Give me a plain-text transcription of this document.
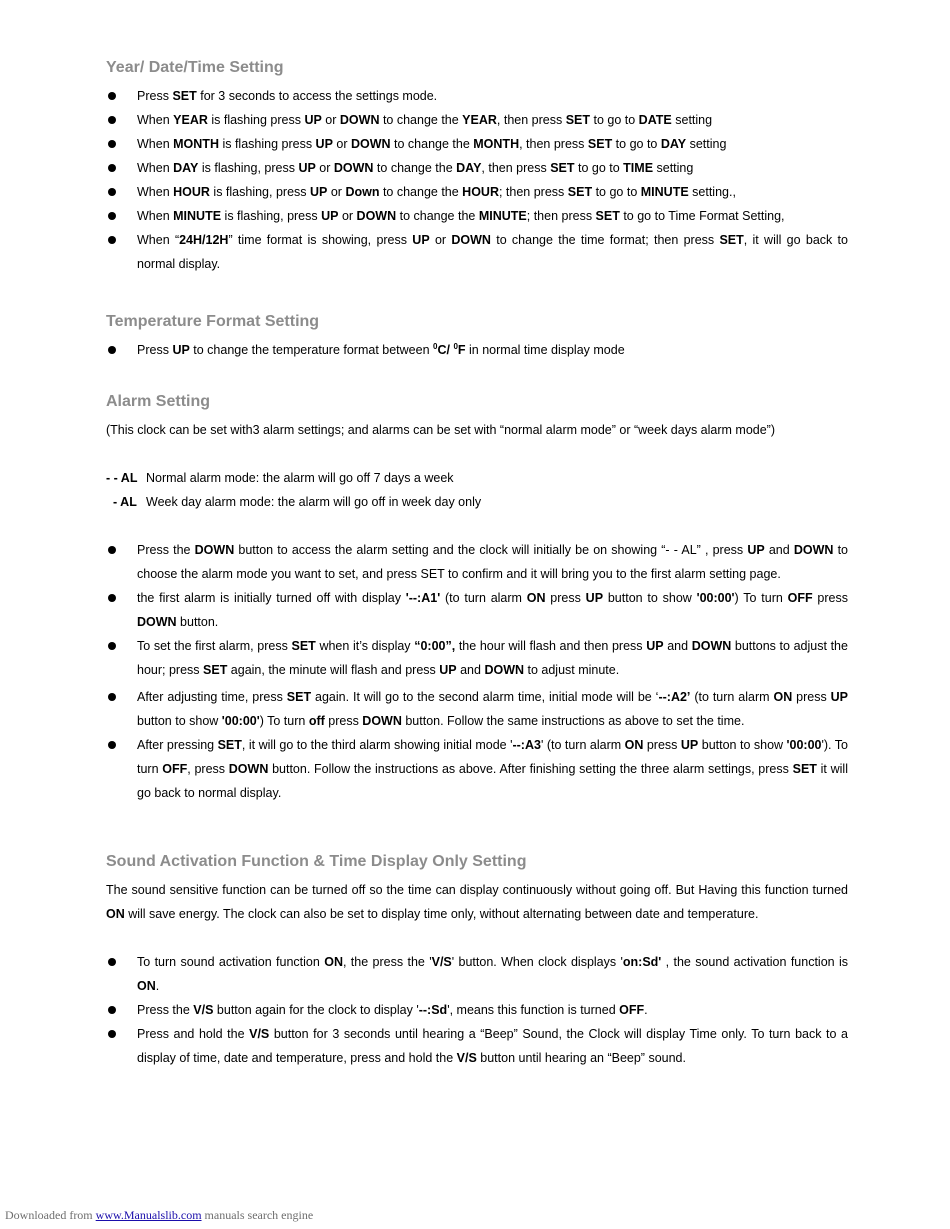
Year/ Date/Time Setting
Press SET for 3 seconds to access the settings mode.
When YEAR is flashing press UP or DOWN to change the YEAR, then press SET to go to DATE setting
When MONTH is flashing press UP or DOWN to change the MONTH, then press SET to go to DAY setting
When DAY is flashing, press UP or DOWN to change the DAY, then press SET to go to TIME setting
When HOUR is flashing, press UP or Down to change the HOUR; then press SET to go to MINUTE setting.,
When MINUTE is flashing, press UP or DOWN to change the MINUTE; then press SET to go to Time Format Setting,
When “24H/12H” time format is showing, press UP or DOWN to change the time format; then press SET, it will go back to normal display.
Temperature Format Setting
Press UP to change the temperature format between $^0$C/ $^0$F in normal time display mode
Alarm Setting

(This clock can be set with3 alarm settings; and alarms can be set with “normal alarm mode” or “week days alarm mode”)

- - AL Normal alarm mode: the alarm will go off 7 days a week

- AL Week day alarm mode: the alarm will go off in week day only

Press the DOWN button to access the alarm setting and the clock will initially be on showing “- - AL” , press UP and DOWN to choose the alarm mode you want to set, and press SET to confirm and it will bring you to the first alarm setting page.
the first alarm is initially turned off with display '--:A1' (to turn alarm ON press UP button to show '00:00') To turn OFF press DOWN button.
To set the first alarm, press SET when it’s display “0:00”, the hour will flash and then press UP and DOWN buttons to adjust the hour; press SET again, the minute will flash and press UP and DOWN to adjust minute.
After adjusting time, press SET again. It will go to the second alarm time, initial mode will be ‘--:A2’ (to turn alarm ON press UP button to show '00:00') To turn off press DOWN button. Follow the same instructions as above to set the time.
After pressing SET, it will go to the third alarm showing initial mode '--:A3' (to turn alarm ON press UP button to show '00:00'). To turn OFF, press DOWN button. Follow the instructions as above. After finishing setting the three alarm settings, press SET it will go back to normal display.
Sound Activation Function & Time Display Only Setting

The sound sensitive function can be turned off so the time can display continuously without going off. But Having this function turned ON will save energy. The clock can also be set to display time only, without alternating between date and temperature.

To turn sound activation function ON, the press the 'V/S' button. When clock displays 'on:Sd' , the sound activation function is ON.
Press the V/S button again for the clock to display '--:Sd', means this function is turned OFF.
Press and hold the V/S button for 3 seconds until hearing a “Beep” Sound, the Clock will display Time only. To turn back to a display of time, date and temperature, press and hold the V/S button until hearing an “Beep” sound.
Downloaded from www.Manualslib.com manuals search engine
